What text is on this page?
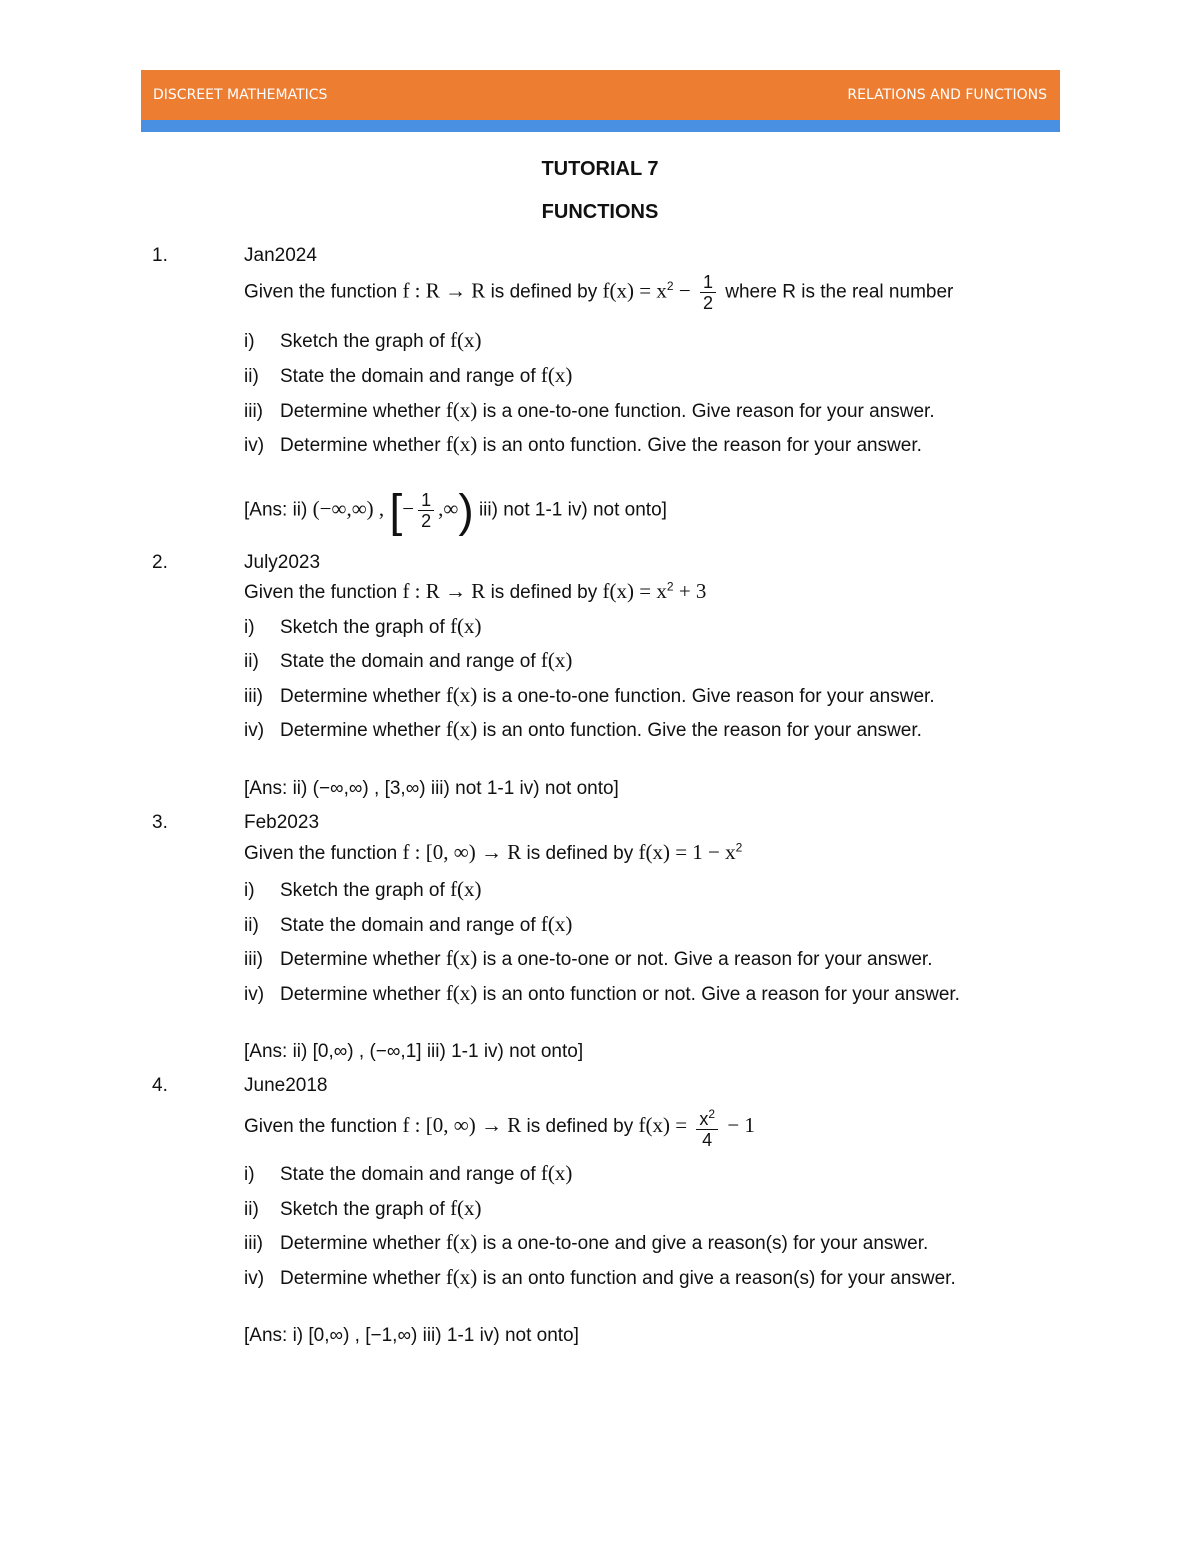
DISCREET MATHEMATICS	RELATIONS AND FUNCTIONS
TUTORIAL 7
FUNCTIONS
1.	Jan2024
Given the function f : R → R is defined by $f(x) = x^2 - \frac{1}{2}$ where R is the real number
i) Sketch the graph of f(x)
ii) State the domain and range of f(x)
iii) Determine whether f(x) is a one-to-one function. Give reason for your answer.
iv) Determine whether f(x) is an onto function. Give the reason for your answer.
[Ans: ii) (−∞,∞) , [− $\frac{1}{2}$ ,∞) iii) not 1-1 iv) not onto]
2.	July2023
Given the function f : R → R is defined by $f(x) = x^2 + 3$
i) Sketch the graph of f(x)
ii) State the domain and range of f(x)
iii) Determine whether f(x) is a one-to-one function. Give reason for your answer.
iv) Determine whether f(x) is an onto function. Give the reason for your answer.
[Ans: ii) (−∞,∞) , [3,∞) iii) not 1-1 iv) not onto]
3.	Feb2023
Given the function f : [0, ∞) → R is defined by $f(x) = 1 - x^2$
i) Sketch the graph of f(x)
ii) State the domain and range of f(x)
iii) Determine whether f(x) is a one-to-one or not. Give a reason for your answer.
iv) Determine whether f(x) is an onto function or not. Give a reason for your answer.
[Ans: ii) [0,∞) , (−∞,1] iii) 1-1 iv) not onto]
4.	June2018
Given the function f : [0, ∞) → R is defined by $f(x) = \frac{x^2}{4} - 1$
i) State the domain and range of f(x)
ii) Sketch the graph of f(x)
iii) Determine whether f(x) is a one-to-one and give a reason(s) for your answer.
iv) Determine whether f(x) is an onto function and give a reason(s) for your answer.
[Ans: i) [0,∞) , [−1,∞) iii) 1-1 iv) not onto]
